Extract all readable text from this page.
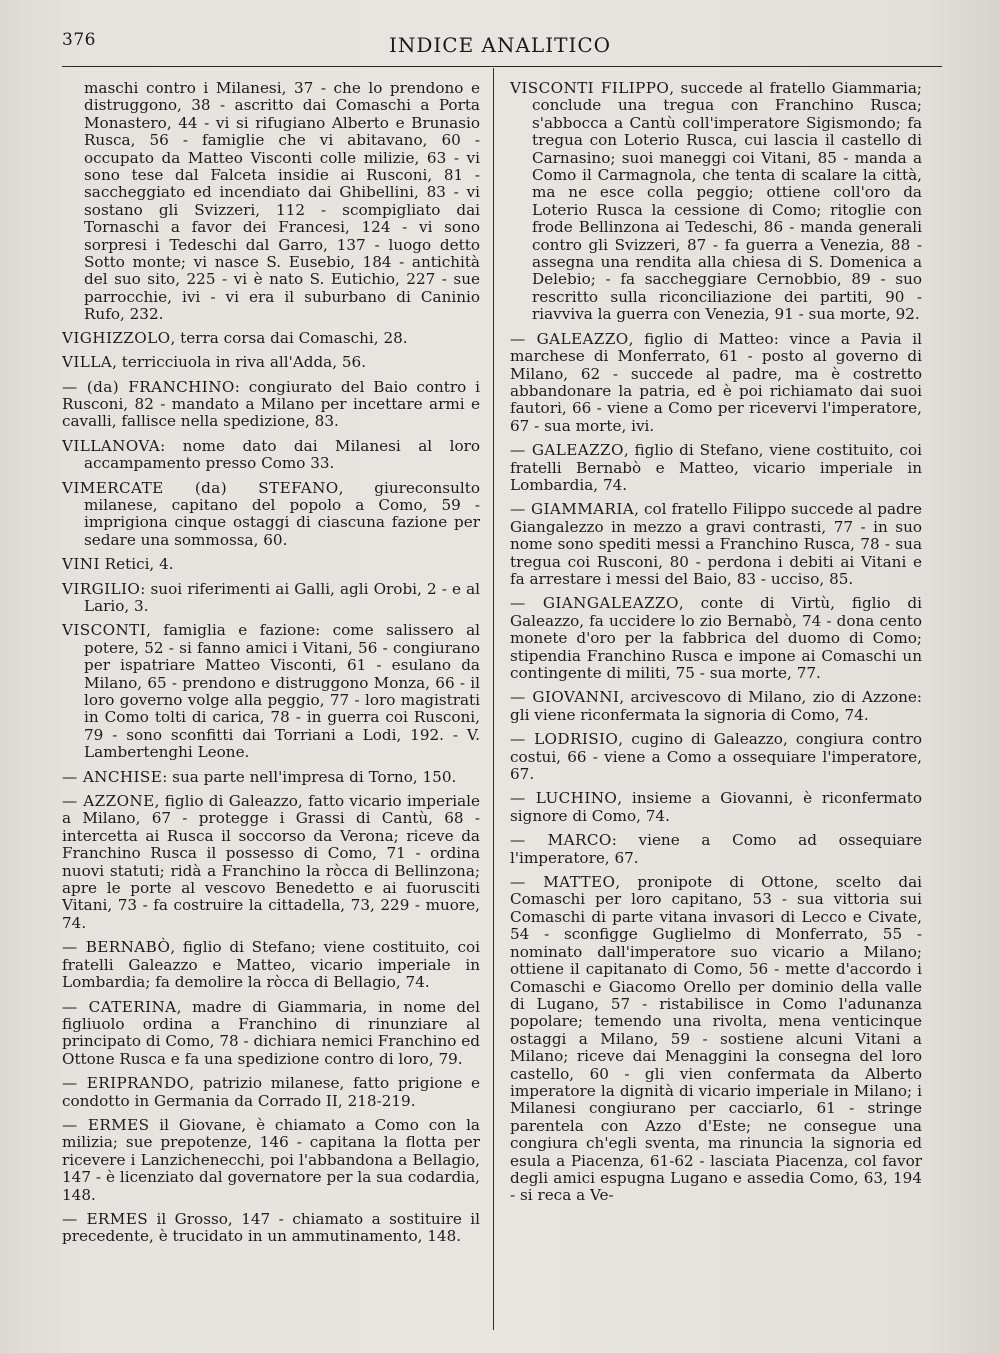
376	INDICE ANALITICO

maschi contro i Milanesi, 37 - che lo prendono e distruggono, 38 - ascritto dai Comaschi a Porta Monastero, 44 - vi si rifugiano Alberto e Brunasio Rusca, 56 - famiglie che vi abitavano, 60 - occupato da Matteo Visconti colle milizie, 63 - vi sono tese dal Falceta insidie ai Rusconi, 81 - saccheggiato ed incendiato dai Ghibellini, 83 - vi sostano gli Svizzeri, 112 - scompigliato dai Tornaschi a favor dei Francesi, 124 - vi sono sorpresi i Tedeschi dal Garro, 137 - luogo detto Sotto monte; vi nasce S. Eusebio, 184 - antichità del suo sito, 225 - vi è nato S. Eutichio, 227 - sue parrocchie, ivi - vi era il suburbano di Caninio Rufo, 232.

VIGHIZZOLO, terra corsa dai Comaschi, 28.

VILLA, terricciuola in riva all'Adda, 56.

— (da) FRANCHINO: congiurato del Baio contro i Rusconi, 82 - mandato a Milano per incettare armi e cavalli, fallisce nella spedizione, 83.

VILLANOVA: nome dato dai Milanesi al loro accampamento presso Como 33.

VIMERCATE (da) STEFANO, giureconsulto milanese, capitano del popolo a Como, 59 - imprigiona cinque ostaggi di ciascuna fazione per sedare una sommossa, 60.

VINI Retici, 4.

VIRGILIO: suoi riferimenti ai Galli, agli Orobi, 2 - e al Lario, 3.

VISCONTI, famiglia e fazione: come salissero al potere, 52 - si fanno amici i Vitani, 56 - congiurano per ispatriare Matteo Visconti, 61 - esulano da Milano, 65 - prendono e distruggono Monza, 66 - il loro governo volge alla peggio, 77 - loro magistrati in Como tolti di carica, 78 - in guerra coi Rusconi, 79 - sono sconfitti dai Torriani a Lodi, 192. - V. Lambertenghi Leone.

— ANCHISE: sua parte nell'impresa di Torno, 150.

— AZZONE, figlio di Galeazzo, fatto vicario imperiale a Milano, 67 - protegge i Grassi di Cantù, 68 - intercetta ai Rusca il soccorso da Verona; riceve da Franchino Rusca il possesso di Como, 71 - ordina nuovi statuti; ridà a Franchino la ròcca di Bellinzona; apre le porte al vescovo Benedetto e ai fuorusciti Vitani, 73 - fa costruire la cittadella, 73, 229 - muore, 74.

— BERNABÒ, figlio di Stefano; viene costituito, coi fratelli Galeazzo e Matteo, vicario imperiale in Lombardia; fa demolire la ròcca di Bellagio, 74.

— CATERINA, madre di Giammaria, in nome del figliuolo ordina a Franchino di rinunziare al principato di Como, 78 - dichiara nemici Franchino ed Ottone Rusca e fa una spedizione contro di loro, 79.

— ERIPRANDO, patrizio milanese, fatto prigione e condotto in Germania da Corrado II, 218-219.

— ERMES il Giovane, è chiamato a Como con la milizia; sue prepotenze, 146 - capitana la flotta per ricevere i Lanzichenecchi, poi l'abbandona a Bellagio, 147 - è licenziato dal governatore per la sua codardia, 148.

— ERMES il Grosso, 147 - chiamato a sostituire il precedente, è trucidato in un ammutinamento, 148.

VISCONTI FILIPPO, succede al fratello Giammaria; conclude una tregua con Franchino Rusca; s'abbocca a Cantù coll'imperatore Sigismondo; fa tregua con Loterio Rusca, cui lascia il castello di Carnasino; suoi maneggi coi Vitani, 85 - manda a Como il Carmagnola, che tenta di scalare la città, ma ne esce colla peggio; ottiene coll'oro da Loterio Rusca la cessione di Como; ritoglie con frode Bellinzona ai Tedeschi, 86 - manda generali contro gli Svizzeri, 87 - fa guerra a Venezia, 88 - assegna una rendita alla chiesa di S. Domenica a Delebio; - fa saccheggiare Cernobbio, 89 - suo rescritto sulla riconciliazione dei partiti, 90 - riavviva la guerra con Venezia, 91 - sua morte, 92.

— GALEAZZO, figlio di Matteo: vince a Pavia il marchese di Monferrato, 61 - posto al governo di Milano, 62 - succede al padre, ma è costretto abbandonare la patria, ed è poi richiamato dai suoi fautori, 66 - viene a Como per ricevervi l'imperatore, 67 - sua morte, ivi.

— GALEAZZO, figlio di Stefano, viene costituito, coi fratelli Bernabò e Matteo, vicario imperiale in Lombardia, 74.

— GIAMMARIA, col fratello Filippo succede al padre Giangalezzo in mezzo a gravi contrasti, 77 - in suo nome sono spediti messi a Franchino Rusca, 78 - sua tregua coi Rusconi, 80 - perdona i debiti ai Vitani e fa arrestare i messi del Baio, 83 - ucciso, 85.

— GIANGALEAZZO, conte di Virtù, figlio di Galeazzo, fa uccidere lo zio Bernabò, 74 - dona cento monete d'oro per la fabbrica del duomo di Como; stipendia Franchino Rusca e impone ai Comaschi un contingente di militi, 75 - sua morte, 77.

— GIOVANNI, arcivescovo di Milano, zio di Azzone: gli viene riconfermata la signoria di Como, 74.

— LODRISIO, cugino di Galeazzo, congiura contro costui, 66 - viene a Como a ossequiare l'imperatore, 67.

— LUCHINO, insieme a Giovanni, è riconfermato signore di Como, 74.

— MARCO: viene a Como ad ossequiare l'imperatore, 67.

— MATTEO, pronipote di Ottone, scelto dai Comaschi per loro capitano, 53 - sua vittoria sui Comaschi di parte vitana invasori di Lecco e Civate, 54 - sconfigge Guglielmo di Monferrato, 55 - nominato dall'imperatore suo vicario a Milano; ottiene il capitanato di Como, 56 - mette d'accordo i Comaschi e Giacomo Orello per dominio della valle di Lugano, 57 - ristabilisce in Como l'adunanza popolare; temendo una rivolta, mena venticinque ostaggi a Milano, 59 - sostiene alcuni Vitani a Milano; riceve dai Menaggini la consegna del loro castello, 60 - gli vien confermata da Alberto imperatore la dignità di vicario imperiale in Milano; i Milanesi congiurano per cacciarlo, 61 - stringe parentela con Azzo d'Este; ne consegue una congiura ch'egli sventa, ma rinuncia la signoria ed esula a Piacenza, 61-62 - lasciata Piacenza, col favor degli amici espugna Lugano e assedia Como, 63, 194 - si reca a Ve-
